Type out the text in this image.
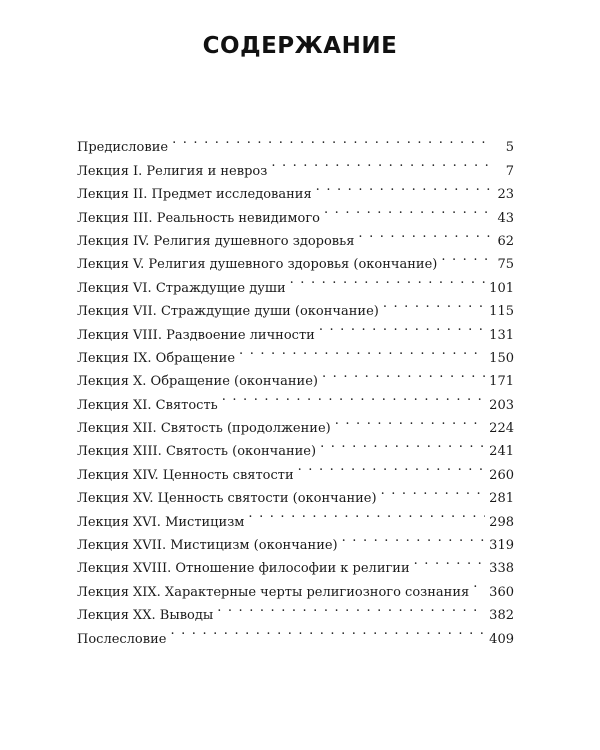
СОДЕРЖАНИЕ
Предисловие . . .	5
Лекция I. Религия и невроз . . .	7
Лекция II. Предмет исследования . . .	23
Лекция III. Реальность невидимого . . .	43
Лекция IV. Религия душевного здоровья . . .	62
Лекция V. Религия душевного здоровья (окончание) . . .	75
Лекция VI. Страждущие души . . .	101
Лекция VII. Страждущие души (окончание) . . .	115
Лекция VIII. Раздвоение личности . . .	131
Лекция IX. Обращение . . .	150
Лекция X. Обращение (окончание) . . .	171
Лекция XI. Святость . . .	203
Лекция XII. Святость (продолжение) . . .	224
Лекция XIII. Святость (окончание) . . .	241
Лекция XIV. Ценность святости . . .	260
Лекция XV. Ценность святости (окончание) . . .	281
Лекция XVI. Мистицизм . . .	298
Лекция XVII. Мистицизм (окончание) . . .	319
Лекция XVIII. Отношение философии к религии . . .	338
Лекция XIX. Характерные черты религиозного сознания . . .	360
Лекция XX. Выводы . . .	382
Послесловие . . .	409
